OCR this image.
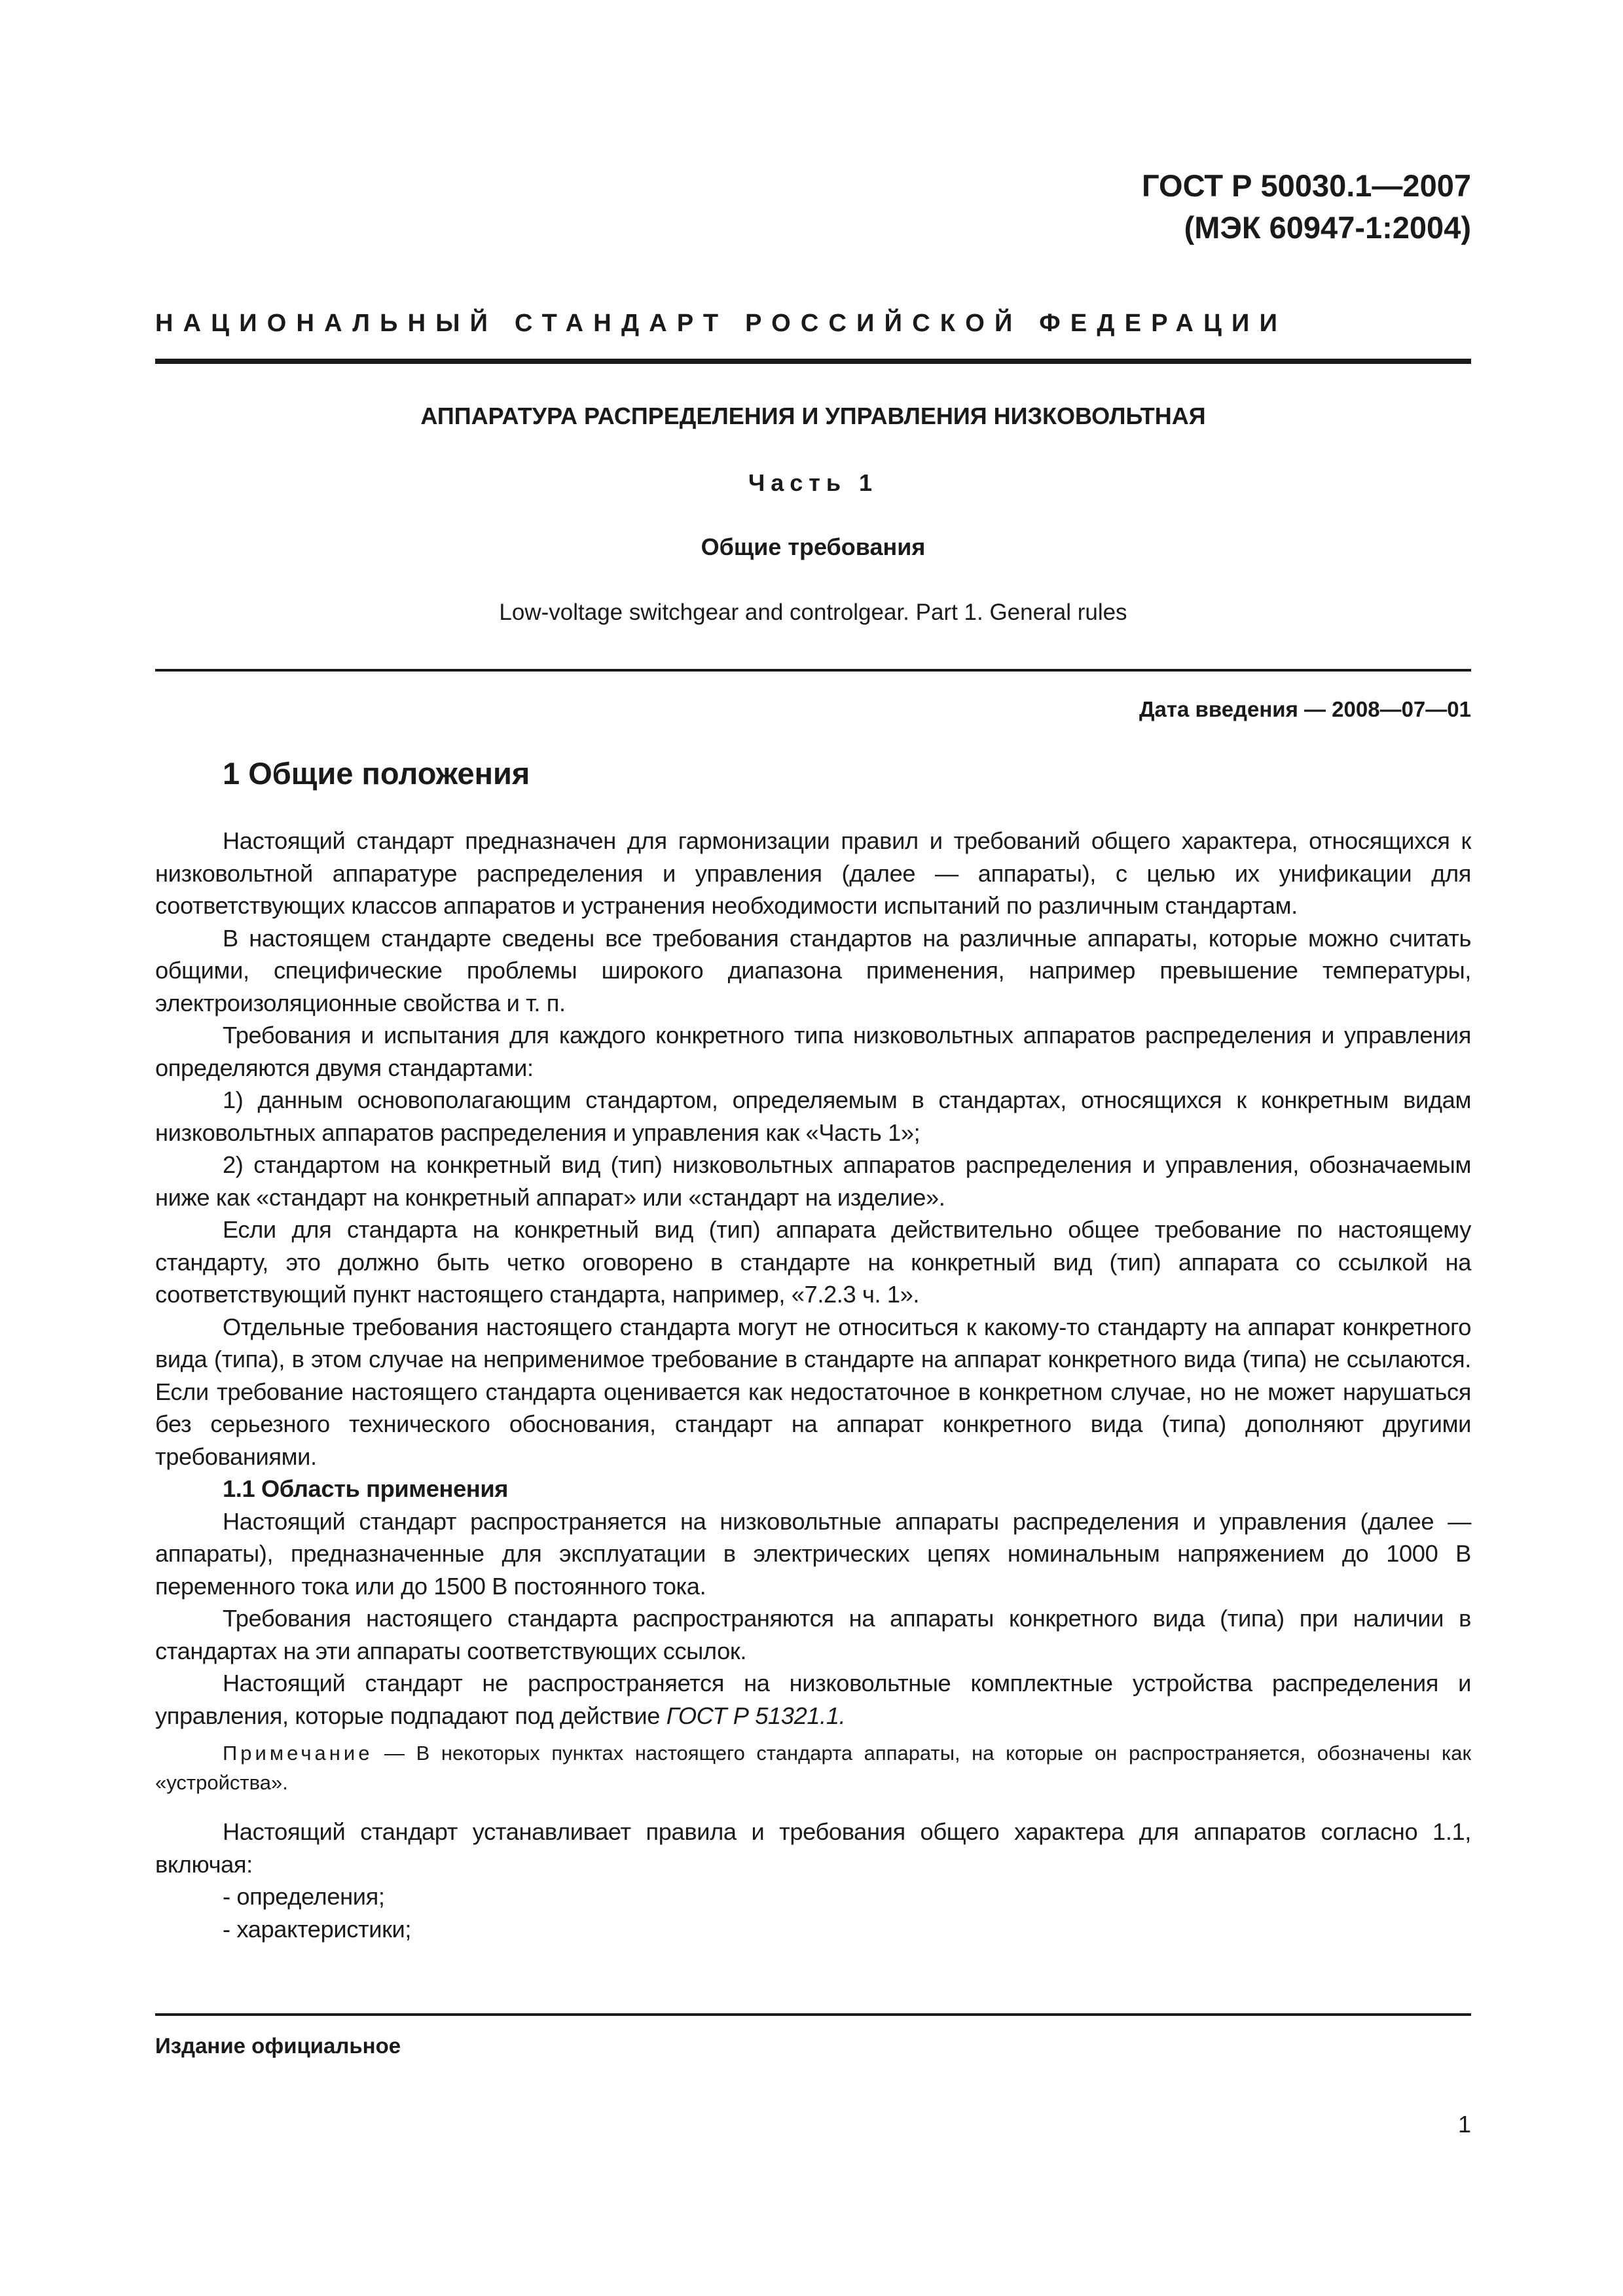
ГОСТ Р 50030.1—2007
(МЭК 60947-1:2004)
НАЦИОНАЛЬНЫЙ СТАНДАРТ РОССИЙСКОЙ ФЕДЕРАЦИИ
АППАРАТУРА РАСПРЕДЕЛЕНИЯ И УПРАВЛЕНИЯ НИЗКОВОЛЬТНАЯ
Часть 1
Общие требования
Low-voltage switchgear and controlgear. Part 1. General rules
Дата введения — 2008—07—01
1 Общие положения

Настоящий стандарт предназначен для гармонизации правил и требований общего характера, относящихся к низковольтной аппаратуре распределения и управления (далее — аппараты), с целью их унификации для соответствующих классов аппаратов и устранения необходимости испытаний по различным стандартам.

В настоящем стандарте сведены все требования стандартов на различные аппараты, которые можно считать общими, специфические проблемы широкого диапазона применения, например превышение температуры, электроизоляционные свойства и т. п.

Требования и испытания для каждого конкретного типа низковольтных аппаратов распределения и управления определяются двумя стандартами:

1) данным основополагающим стандартом, определяемым в стандартах, относящихся к конкретным видам низковольтных аппаратов распределения и управления как «Часть 1»;

2) стандартом на конкретный вид (тип) низковольтных аппаратов распределения и управления, обозначаемым ниже как «стандарт на конкретный аппарат» или «стандарт на изделие».

Если для стандарта на конкретный вид (тип) аппарата действительно общее требование по настоящему стандарту, это должно быть четко оговорено в стандарте на конкретный вид (тип) аппарата со ссылкой на соответствующий пункт настоящего стандарта, например, «7.2.3 ч. 1».

Отдельные требования настоящего стандарта могут не относиться к какому-то стандарту на аппарат конкретного вида (типа), в этом случае на неприменимое требование в стандарте на аппарат конкретного вида (типа) не ссылаются. Если требование настоящего стандарта оценивается как недостаточное в конкретном случае, но не может нарушаться без серьезного технического обоснования, стандарт на аппарат конкретного вида (типа) дополняют другими требованиями.

1.1 Область применения

Настоящий стандарт распространяется на низковольтные аппараты распределения и управления (далее — аппараты), предназначенные для эксплуатации в электрических цепях номинальным напряжением до 1000 В переменного тока или до 1500 В постоянного тока.

Требования настоящего стандарта распространяются на аппараты конкретного вида (типа) при наличии в стандартах на эти аппараты соответствующих ссылок.

Настоящий стандарт не распространяется на низковольтные комплектные устройства распределения и управления, которые подпадают под действие ГОСТ Р 51321.1.

Примечание — В некоторых пунктах настоящего стандарта аппараты, на которые он распространяется, обозначены как «устройства».

Настоящий стандарт устанавливает правила и требования общего характера для аппаратов согласно 1.1, включая:

- определения;

- характеристики;

Издание официальное
1
